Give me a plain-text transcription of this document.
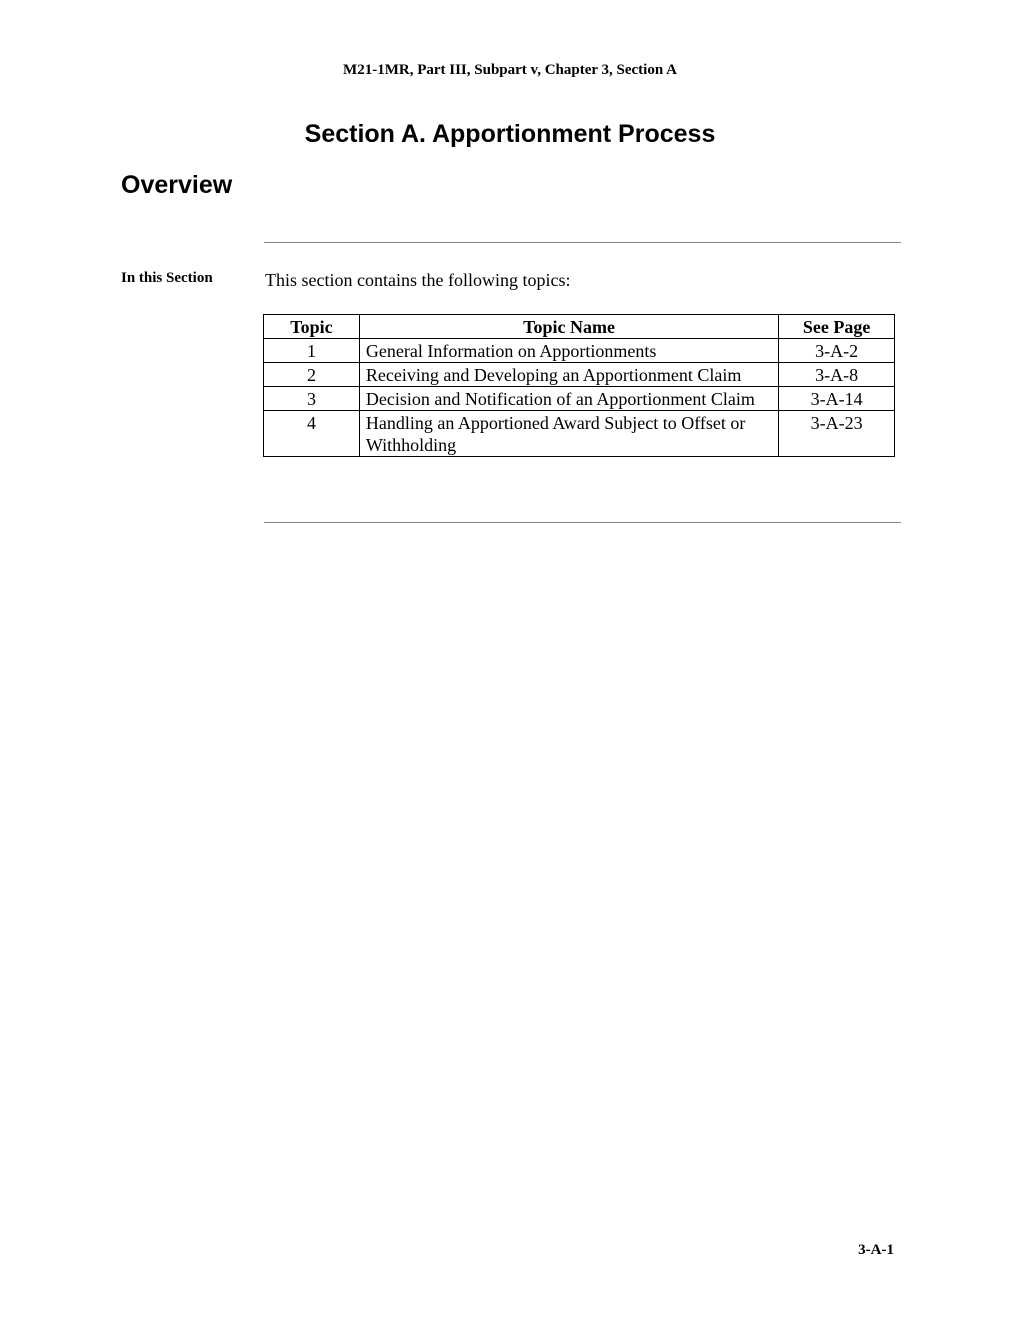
M21-1MR, Part III, Subpart v, Chapter 3, Section A
Section A. Apportionment Process
Overview
In this Section	This section contains the following topics:
Topic	Topic Name	See Page
1	General Information on Apportionments	3-A-2
2	Receiving and Developing an Apportionment Claim	3-A-8
3	Decision and Notification of an Apportionment Claim	3-A-14
4	Handling an Apportioned Award Subject to Offset or Withholding	3-A-23
3-A-1
